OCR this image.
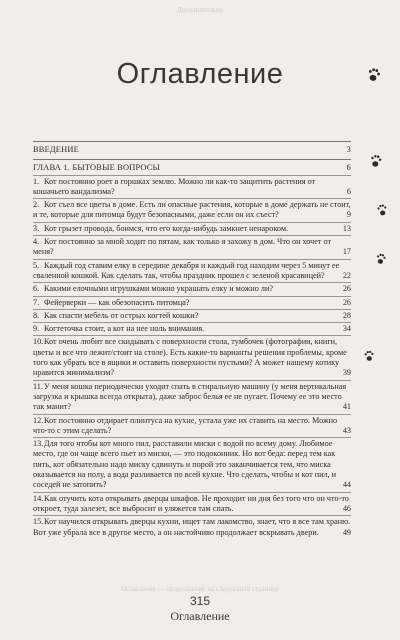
Дополнительно
Оглавление
ВВЕДЕНИЕ	3
ГЛАВА 1. БЫТОВЫЕ ВОПРОСЫ	6
1. Кот постоянно роет в горшках землю. Можно ли как-то защитить растения от кошачьего вандализма?	6
2. Кот съел все цветы в доме. Есть ли опасные растения, которые в доме держать не стоит, и те, которые для питомца будут безопасными, даже если он их съест?	9
3. Кот грызет провода, боимся, что его когда-нибудь замкнет ненароком.	13
4. Кот постоянно за мной ходит по пятам, как только я захожу в дом. Что он хочет от меня?	17
5. Каждый год ставим елку в середине декабря и каждый год находим через 5 минут ее сваленной кошкой. Как сделать так, чтобы праздник прошел с зеленой красавицей?	22
6. Какими елочными игрушками можно украшать елку и можно ли?	26
7. Фейерверки — как обезопасить питомца?	26
8. Как спасти мебель от острых когтей кошки?	28
9. Когтеточка стоит, а кот на нее ноль внимания.	34
10.Кот очень любит все скидывать с поверхности стола, тумбочек (фотографии, книги, цветы и все что лежит/стоит на столе). Есть какие-то варианты решения проблемы, кроме того как убрать все в ящики и оставить поверхности пустыми? А может нашему котику нравится минимализм?	39
11.У меня кошка периодически уходит спать в стиральную машину (у меня вертикальная загрузка и крышка всегда открыта), даже заброс белья ее не пугает. Почему ее это место так манит?	41
12.Кот постоянно отдирает плинтуса на кухне, устала уже их ставить на место. Можно что-то с этим сделать?	43
13.Для того чтобы кот много пил, расставили миски с водой по всему дому. Любимое место, где он чаще всего пьет из миски, — это подоконник. Но вот беда: перед тем как пить, кот обязательно надо миску сдвинуть и порой это заканчивается тем, что миска оказывается на полу, а вода разливается по всей кухне. Что сделать, чтобы и кот пил, и соседей не затопить?	44
14.Как отучить кота открывать дверцы шкафов. Не проходит ни дня без того что он что-то откроет, туда залезет, все выбросит и уляжется там спать.	46
15.Кот научился открывать дверцы кухни, ищет там лакомство, знает, что я все там храню. Вот уже убрала все в другое место, а он настойчиво продолжает вскрывать двери.	49
Оглавление — продолжение на следующей странице
315
Оглавление
